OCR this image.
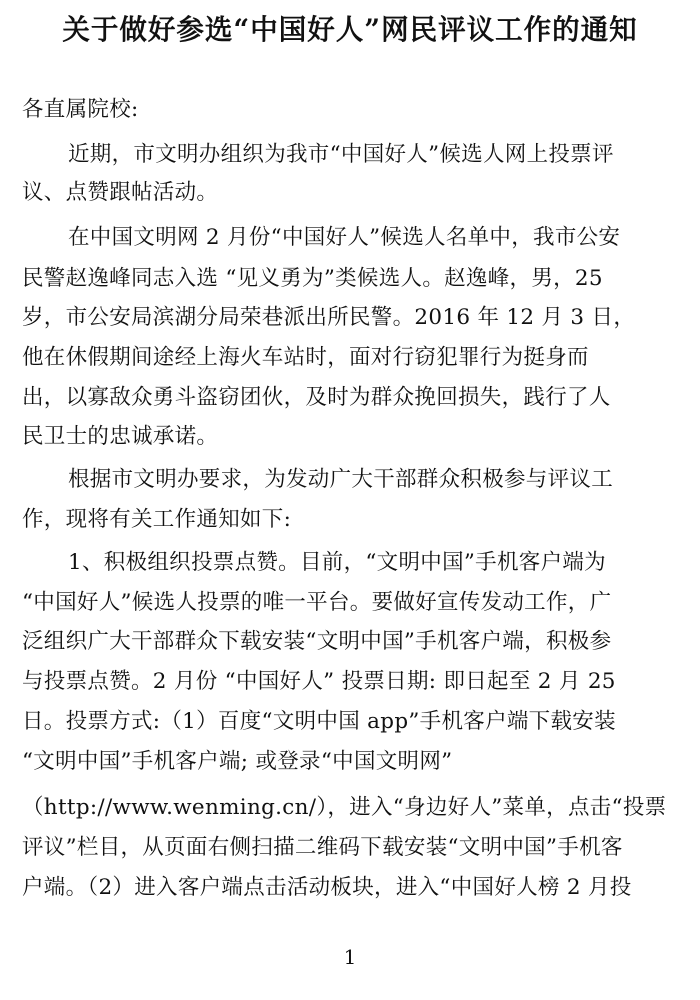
关于做好参选“中国好人”网民评议工作的通知
各直属院校:
近期，市文明办组织为我市“中国好人”候选人网上投票评
议、点赞跟帖活动。
在中国文明网 2 月份“中国好人”候选人名单中，我市公安
民警赵逸峰同志入选 “见义勇为”类候选人。赵逸峰，男，25
岁，市公安局滨湖分局荣巷派出所民警。2016 年 12 月 3 日，
他在休假期间途经上海火车站时，面对行窃犯罪行为挺身而
出，以寡敌众勇斗盗窃团伙，及时为群众挽回损失，践行了人
民卫士的忠诚承诺。
根据市文明办要求，为发动广大干部群众积极参与评议工
作，现将有关工作通知如下:
1、积极组织投票点赞。目前，“文明中国”手机客户端为
“中国好人”候选人投票的唯一平台。要做好宣传发动工作，广
泛组织广大干部群众下载安装“文明中国”手机客户端，积极参
与投票点赞。2 月份 “中国好人” 投票日期: 即日起至 2 月 25
日。投票方式:（1）百度“文明中国 app”手机客户端下载安装
“文明中国”手机客户端; 或登录“中国文明网”
（http://www.wenming.cn/），进入“身边好人”菜单，点击“投票
评议”栏目，从页面右侧扫描二维码下载安装“文明中国”手机客
户端。（2）进入客户端点击活动板块，进入“中国好人榜 2 月投
1
